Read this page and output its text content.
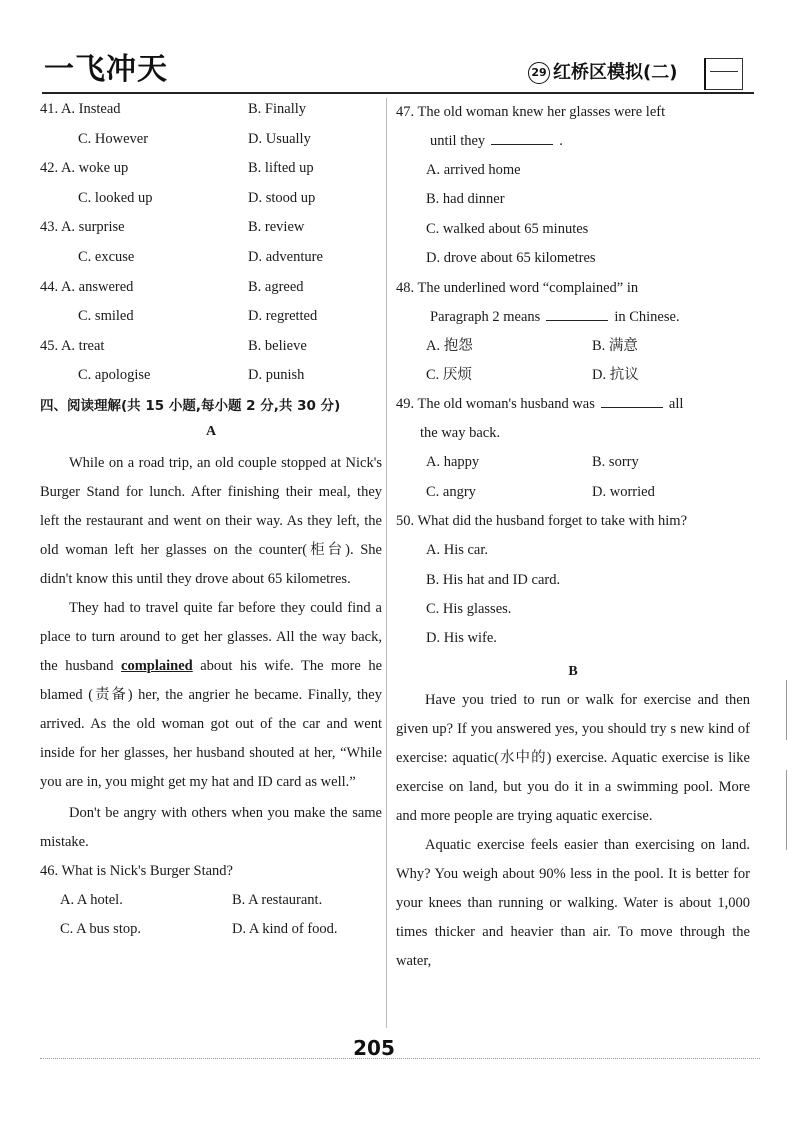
一飞冲天	29 红桥区模拟(二)
41. A. Instead	B. Finally
C. However	D. Usually
42. A. woke up	B. lifted up
C. looked up	D. stood up
43. A. surprise	B. review
C. excuse	D. adventure
44. A. answered	B. agreed
C. smiled	D. regretted
45. A. treat	B. believe
C. apologise	D. punish
四、阅读理解(共 15 小题,每小题 2 分,共 30 分)
A

While on a road trip, an old couple stopped at Nick's Burger Stand for lunch. After finishing their meal, they left the restaurant and went on their way. As they left, the old woman left her glasses on the counter(柜台). She didn't know this until they drove about 65 kilometres.

They had to travel quite far before they could find a place to turn around to get her glasses. All the way back, the husband complained about his wife. The more he blamed (责备) her, the angrier he became. Finally, they arrived. As the old woman got out of the car and went inside for her glasses, her husband shouted at her, “While you are in, you might get my hat and ID card as well.”

Don't be angry with others when you make the same mistake.

46. What is Nick's Burger Stand?

A. A hotel.	B. A restaurant.
C. A bus stop.	D. A kind of food.

47. The old woman knew her glasses were left

until they	.

A. arrived home
B. had dinner
C. walked about 65 minutes
D. drove about 65 kilometres

48. The underlined word “complained” in

Paragraph 2 means	in Chinese.

A. 抱怨	B. 满意
C. 厌烦	D. 抗议

49. The old woman's husband was	all

the way back.

A. happy	B. sorry
C. angry	D. worried

50. What did the husband forget to take with him?

A. His car.
B. His hat and ID card.
C. His glasses.
D. His wife.
B

Have you tried to run or walk for exercise and then given up? If you answered yes, you should try s new kind of exercise: aquatic(水中的) exercise. Aquatic exercise is like exercise on land, but you do it in a swimming pool. More and more people are trying aquatic exercise.

Aquatic exercise feels easier than exercising on land. Why? You weigh about 90% less in the pool. It is better for your knees than running or walking. Water is about 1,000 times thicker and heavier than air. To move through the water,

205
